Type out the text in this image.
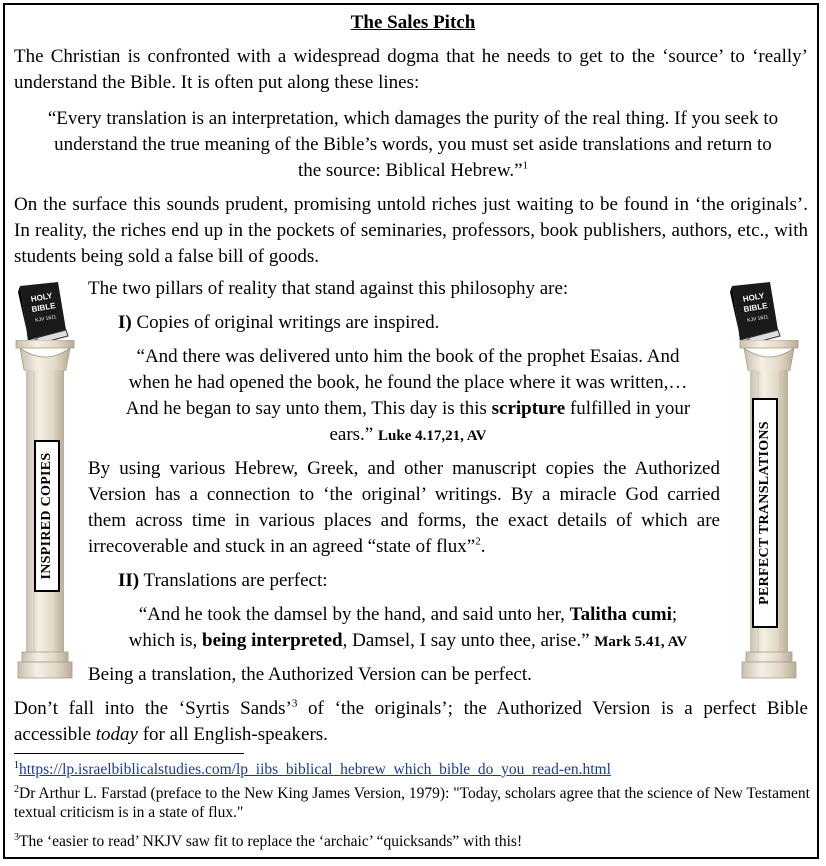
The Sales Pitch

The Christian is confronted with a widespread dogma that he needs to get to the ‘source’ to ‘really’ understand the Bible. It is often put along these lines:

“Every translation is an interpretation, which damages the purity of the real thing. If you seek to

understand the true meaning of the Bible’s words, you must set aside translations and return to

the source: Biblical Hebrew.”$^1$

On the surface this sounds prudent, promising untold riches just waiting to be found in ‘the originals’. In reality, the riches end up in the pockets of seminaries, professors, book publishers, authors, etc., with students being sold a false bill of goods.

HOLY
BIBLE
KJV 1611
INSPIRED COPIES
HOLY
BIBLE
KJV 1611
PERFECT TRANSLATIONS

The two pillars of reality that stand against this philosophy are:

I) Copies of original writings are inspired.

“And there was delivered unto him the book of the prophet Esaias. And

when he had opened the book, he found the place where it was written,…

And he began to say unto them, This day is this scripture fulfilled in your

ears.” Luke 4.17,21, AV

By using various Hebrew, Greek, and other manuscript copies the Authorized

Version has a connection to ‘the original’ writings. By a miracle God carried

them across time in various places and forms, the exact details of which are

irrecoverable and stuck in an agreed “state of flux”$^2$.

II) Translations are perfect:

“And he took the damsel by the hand, and said unto her, Talitha cumi;

which is, being interpreted, Damsel, I say unto thee, arise.” Mark 5.41, AV

Being a translation, the Authorized Version can be perfect.

Don’t fall into the ‘Syrtis Sands’$^3$ of ‘the originals’; the Authorized Version is a perfect Bible

accessible today for all English-speakers.

$^1$https://lp.israelbiblicalstudies.com/lp_iibs_biblical_hebrew_which_bible_do_you_read-en.html

$^2$Dr Arthur L. Farstad (preface to the New King James Version, 1979): "Today, scholars agree that the science of New Testament textual criticism is in a state of flux."

$^3$The ‘easier to read’ NKJV saw fit to replace the ‘archaic’ “quicksands” with this!
